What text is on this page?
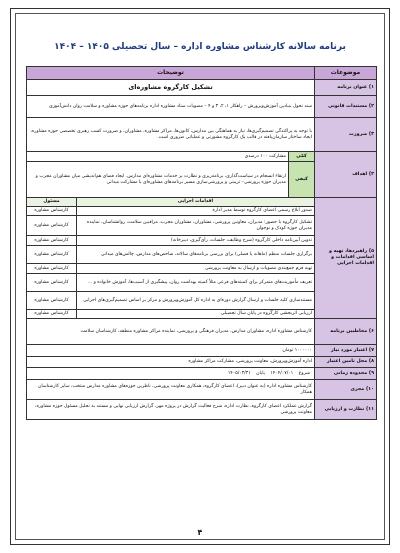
برنامه سالانه کارشناس مشاوره اداره – سال تحصیلی ۱۴۰۵ – ۱۴۰۴
موضوعات	توضیحات		
۱) عنوان برنامه	تشکیل کارگروه مشاوره‌ای		
۲) مستندات قانونی	سند تحول بنیادین آموزش‌وپرورش – راهکار ۱، ۲، ۳ و ۴ – مصوبات ستاد مشاوره اداره برنامه‌های حوزه مشاوره و سلامت روان دانش‌آموزی		
۳) ضرورت	با توجه به پراکندگی تصمیم‌گیری‌ها، نیاز به هماهنگی بین مدارس، کانون‌ها، مراکز مشاوره، مشاوران، و ضرورت کسب رهبری تخصصی حوزه مشاوره، ایجاد ساختار سازمان‌یافته در قالب یک کارگروه مشورتی و عملیاتی ضروری است.		
۴) اهداف	کمّی	مشارکت ۱۰۰ درصدی	
	کیفی	ارتقاء انسجام در سیاست‌گذاری، برنامه‌ریزی و نظارت بر خدمات مشاوره‌ای مدارس. ایجاد فضای هم‌اندیشی میان مشاوران مجرب و مدیران حوزه پرورشی– تربیتی و پرورشی‌سازی مسیر برنامه‌های مشاوره‌ای با مشارکت میدانی	
۵) راهبردها، تهیه و اساسی اقدامات و اقدامات اجرایی	اقدامات اجرایی		مسئول
	صدور ابلاغ رسمی اعضای کارگروه توسط مدیر اداره		کارشناس مشاوره
	تشکیل کارگروه با حضور: مدیران، معاونین پرورشی، مشاوران، مشاوران مجرب، مراقبین سلامت، روانشناسان، نماینده مدیران حوزه کودک و نوجوان		کارشناس مشاوره
	تدوین آیین‌نامه داخلی کارگروه (شرح وظایف، جلسات، رأی‌گیری، دبیرخانه)		کارشناس مشاوره
	برگزاری جلسات منظم (ماهانه یا فصلی) برای بررسی برنامه‌های سالانه، شاخص‌های مدارس، چالش‌های میدانی		کارشناس مشاوره
	تهیه فرم جمع‌بندی مصوبات و ارسال به معاونت پرورشی		کارشناس مشاوره
	تعریف مأموریت‌های متمرکز برای کمیته‌های فرعی مثلاً کمیته بهداشت روان، پیشگیری از آسیب‌ها، آموزش خانواده و ...		کارشناس مشاوره
	مستندسازی کلیه جلسات و ارسال گزارش دوره‌ای به اداره کل آموزش‌وپرورش و مرکز بر اساس تصمیم‌گیری‌های اجرایی		کارشناس مشاوره
	ارزیابی اثربخشی کارگروه در پایان سال تحصیلی		کارشناس مشاوره
۶) مخاطبین برنامه	کارشناس مشاوره اداره، مشاوران مدارس، مدیران فرهنگی و پرورشی، نماینده مراکز مشاوره منطقه، کارشناسان سلامت		
۷) اعتبار مورد نیاز	۱۰۰۰۰۰۰ تومان		
۸) محل تامین اعتبار	اداره آموزش‌وپرورش، معاونت پرورشی، مشارکت مراکز مشاوره		
۹) محدوده زمانی	شروع ۱۴۰۴/۰۷/۰۱ پایان ۱۴۰۵/۰۳/۳۱		
۱۰) مجری	کارشناس مشاوره اداره (به عنوان دبیر)، اعضای کارگروه، همکاری معاونت پرورشی، ناظرین حوزه‌های مشاوره مدارس منتخب، سایر کارشناسان همکار		
۱۱) نظارت و ارزیابی	گزارش عملکرد اعضای کارگروه، نظارت اداره، شرح فعالیت گزارش در پروژه مهر، گزارش ارزیابی نهایی و مستند به تحلیل مسئول حوزه مشاوره، معاونت پرورشی		
۴
